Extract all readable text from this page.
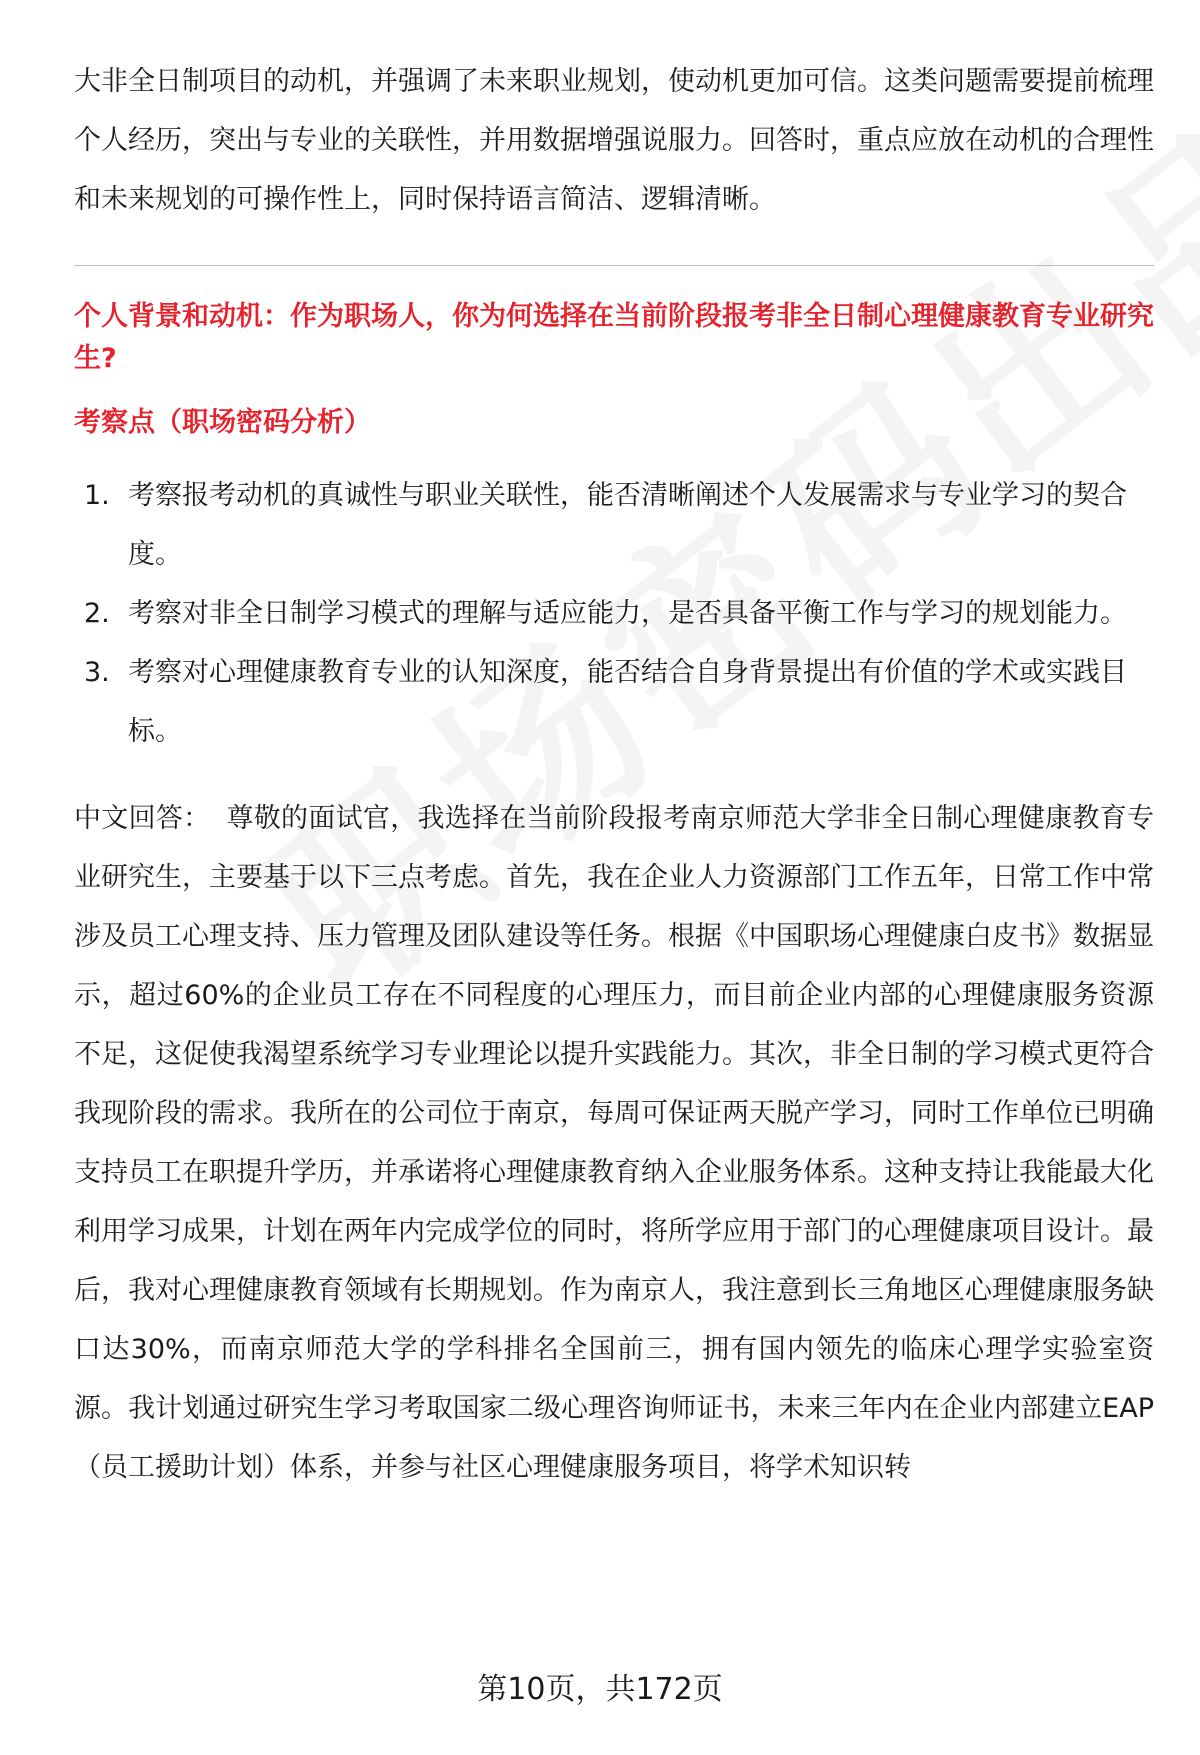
大非全日制项目的动机，并强调了未来职业规划，使动机更加可信。这类问题需要提前梳理个人经历，突出与专业的关联性，并用数据增强说服力。回答时，重点应放在动机的合理性和未来规划的可操作性上，同时保持语言简洁、逻辑清晰。

个人背景和动机：作为职场人，你为何选择在当前阶段报考非全日制心理健康教育专业研究生?
考察点（职场密码分析）
1. 考察报考动机的真诚性与职业关联性，能否清晰阐述个人发展需求与专业学习的契合度。
2. 考察对非全日制学习模式的理解与适应能力，是否具备平衡工作与学习的规划能力。
3. 考察对心理健康教育专业的认知深度，能否结合自身背景提出有价值的学术或实践目标。

中文回答： 尊敬的面试官，我选择在当前阶段报考南京师范大学非全日制心理健康教育专业研究生，主要基于以下三点考虑。首先，我在企业人力资源部门工作五年，日常工作中常涉及员工心理支持、压力管理及团队建设等任务。根据《中国职场心理健康白皮书》数据显示，超过60%的企业员工存在不同程度的心理压力，而目前企业内部的心理健康服务资源不足，这促使我渴望系统学习专业理论以提升实践能力。其次，非全日制的学习模式更符合我现阶段的需求。我所在的公司位于南京，每周可保证两天脱产学习，同时工作单位已明确支持员工在职提升学历，并承诺将心理健康教育纳入企业服务体系。这种支持让我能最大化利用学习成果，计划在两年内完成学位的同时，将所学应用于部门的心理健康项目设计。最后，我对心理健康教育领域有长期规划。作为南京人，我注意到长三角地区心理健康服务缺口达30%，而南京师范大学的学科排名全国前三，拥有国内领先的临床心理学实验室资源。我计划通过研究生学习考取国家二级心理咨询师证书，未来三年内在企业内部建立EAP（员工援助计划）体系，并参与社区心理健康服务项目，将学术知识转

第10页，共172页
